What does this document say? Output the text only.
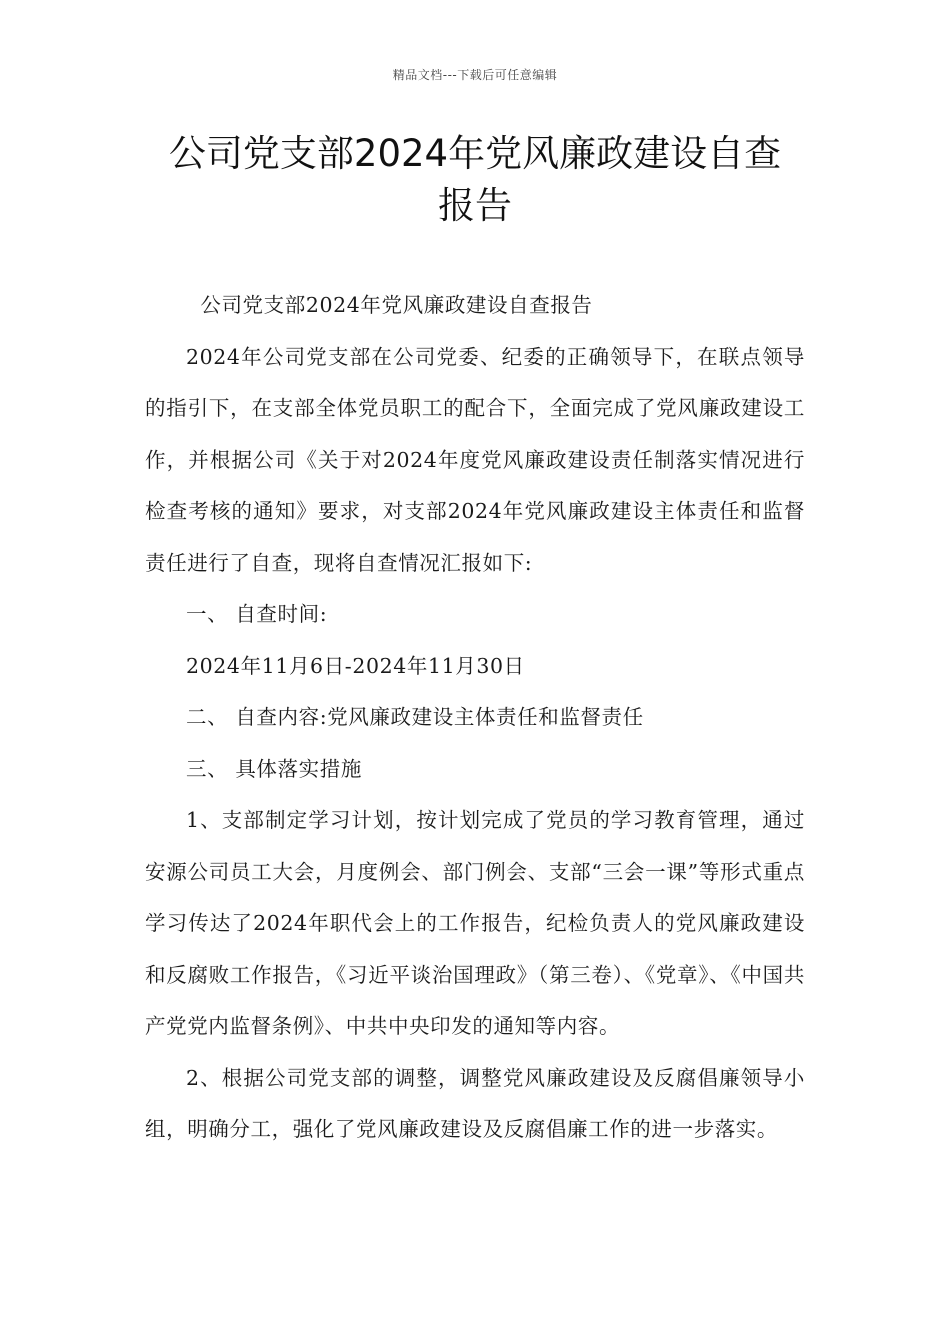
精品文档---下载后可任意编辑
公司党支部2024年党风廉政建设自查
报告

公司党支部2024年党风廉政建设自查报告

2024年公司党支部在公司党委、纪委的正确领导下，在联点领导的指引下，在支部全体党员职工的配合下，全面完成了党风廉政建设工作，并根据公司《关于对2024年度党风廉政建设责任制落实情况进行检查考核的通知》要求，对支部2024年党风廉政建设主体责任和监督责任进行了自查，现将自查情况汇报如下:

一、 自查时间:

2024年11月6日-2024年11月30日

二、 自查内容:党风廉政建设主体责任和监督责任

三、 具体落实措施

1、支部制定学习计划，按计划完成了党员的学习教育管理，通过安源公司员工大会，月度例会、部门例会、支部“三会一课”等形式重点学习传达了2024年职代会上的工作报告，纪检负责人的党风廉政建设和反腐败工作报告，《习近平谈治国理政》（第三卷）、《党章》、《中国共产党党内监督条例》、中共中央印发的通知等内容。

2、根据公司党支部的调整，调整党风廉政建设及反腐倡廉领导小组，明确分工，强化了党风廉政建设及反腐倡廉工作的进一步落实。
